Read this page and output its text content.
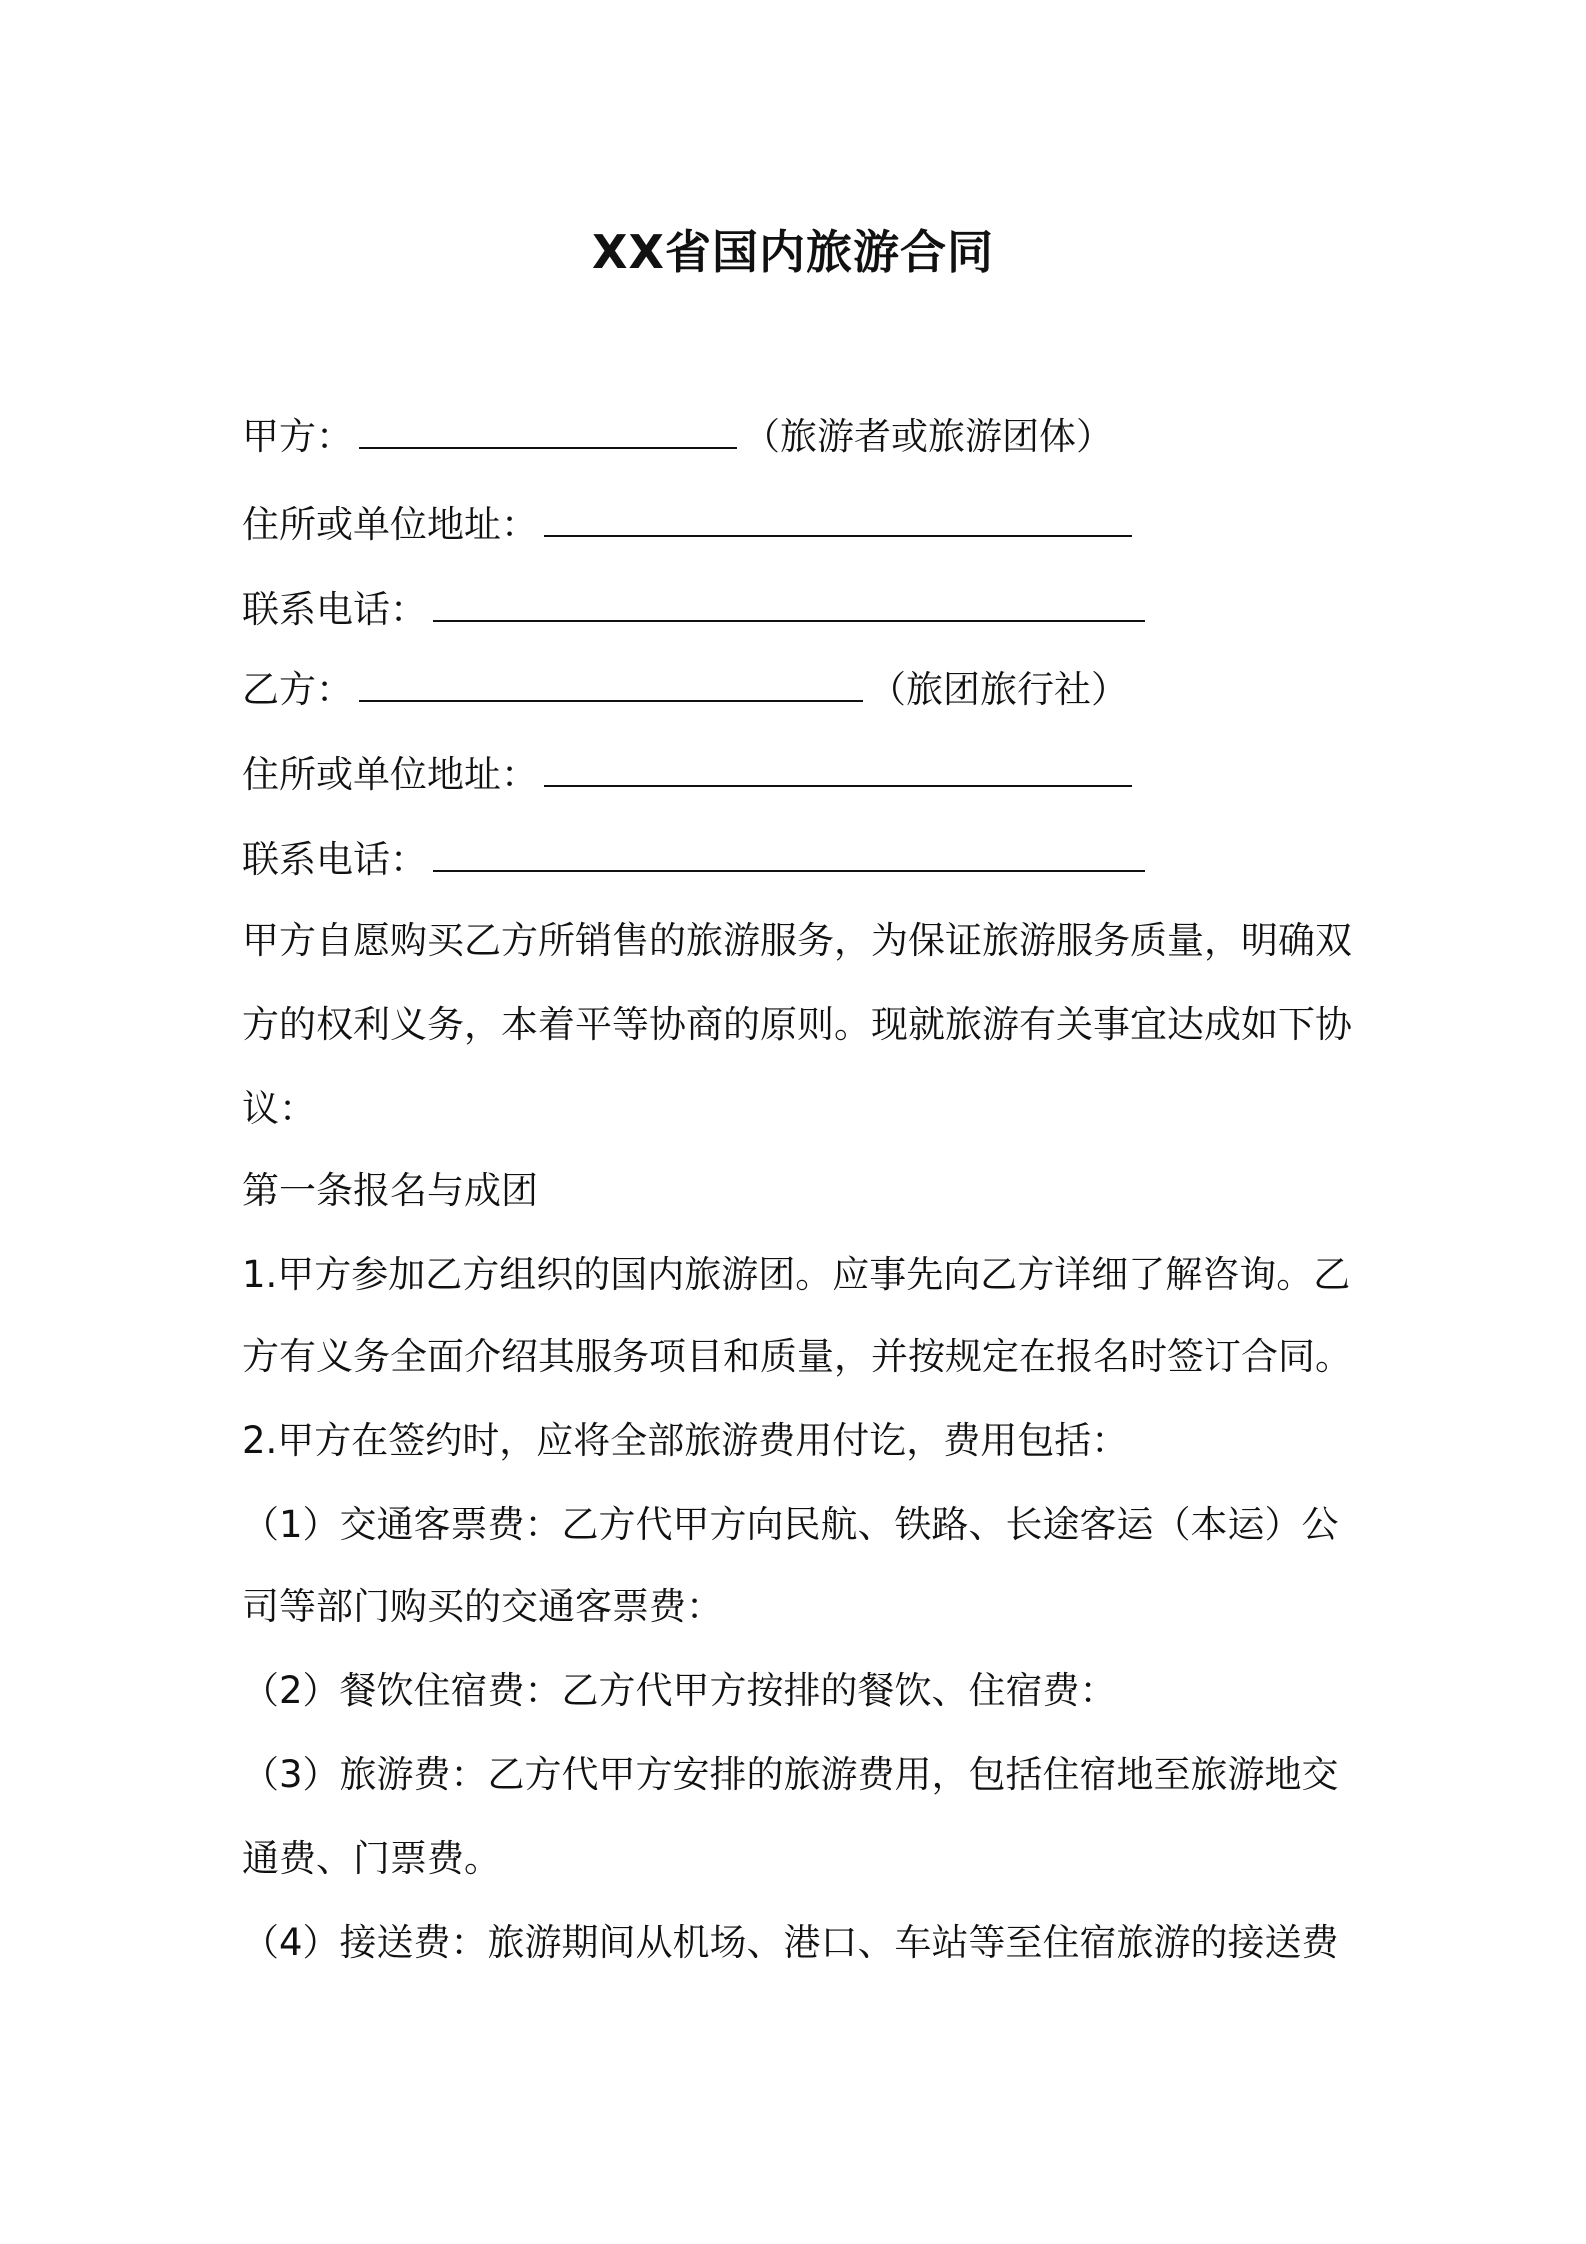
XX省国内旅游合同
甲方：	（旅游者或旅游团体）
住所或单位地址：
联系电话：
乙方：	（旅团旅行社）
住所或单位地址：
联系电话：
甲方自愿购买乙方所销售的旅游服务，为保证旅游服务质量，明确双
方的权利义务，本着平等协商的原则。现就旅游有关事宜达成如下协
议：
第一条报名与成团
1.甲方参加乙方组织的国内旅游团。应事先向乙方详细了解咨询。乙
方有义务全面介绍其服务项目和质量，并按规定在报名时签订合同。
2.甲方在签约时，应将全部旅游费用付讫，费用包括：
（1）交通客票费：乙方代甲方向民航、铁路、长途客运（本运）公
司等部门购买的交通客票费：
（2）餐饮住宿费：乙方代甲方按排的餐饮、住宿费：
（3）旅游费：乙方代甲方安排的旅游费用，包括住宿地至旅游地交
通费、门票费。
（4）接送费：旅游期间从机场、港口、车站等至住宿旅游的接送费
